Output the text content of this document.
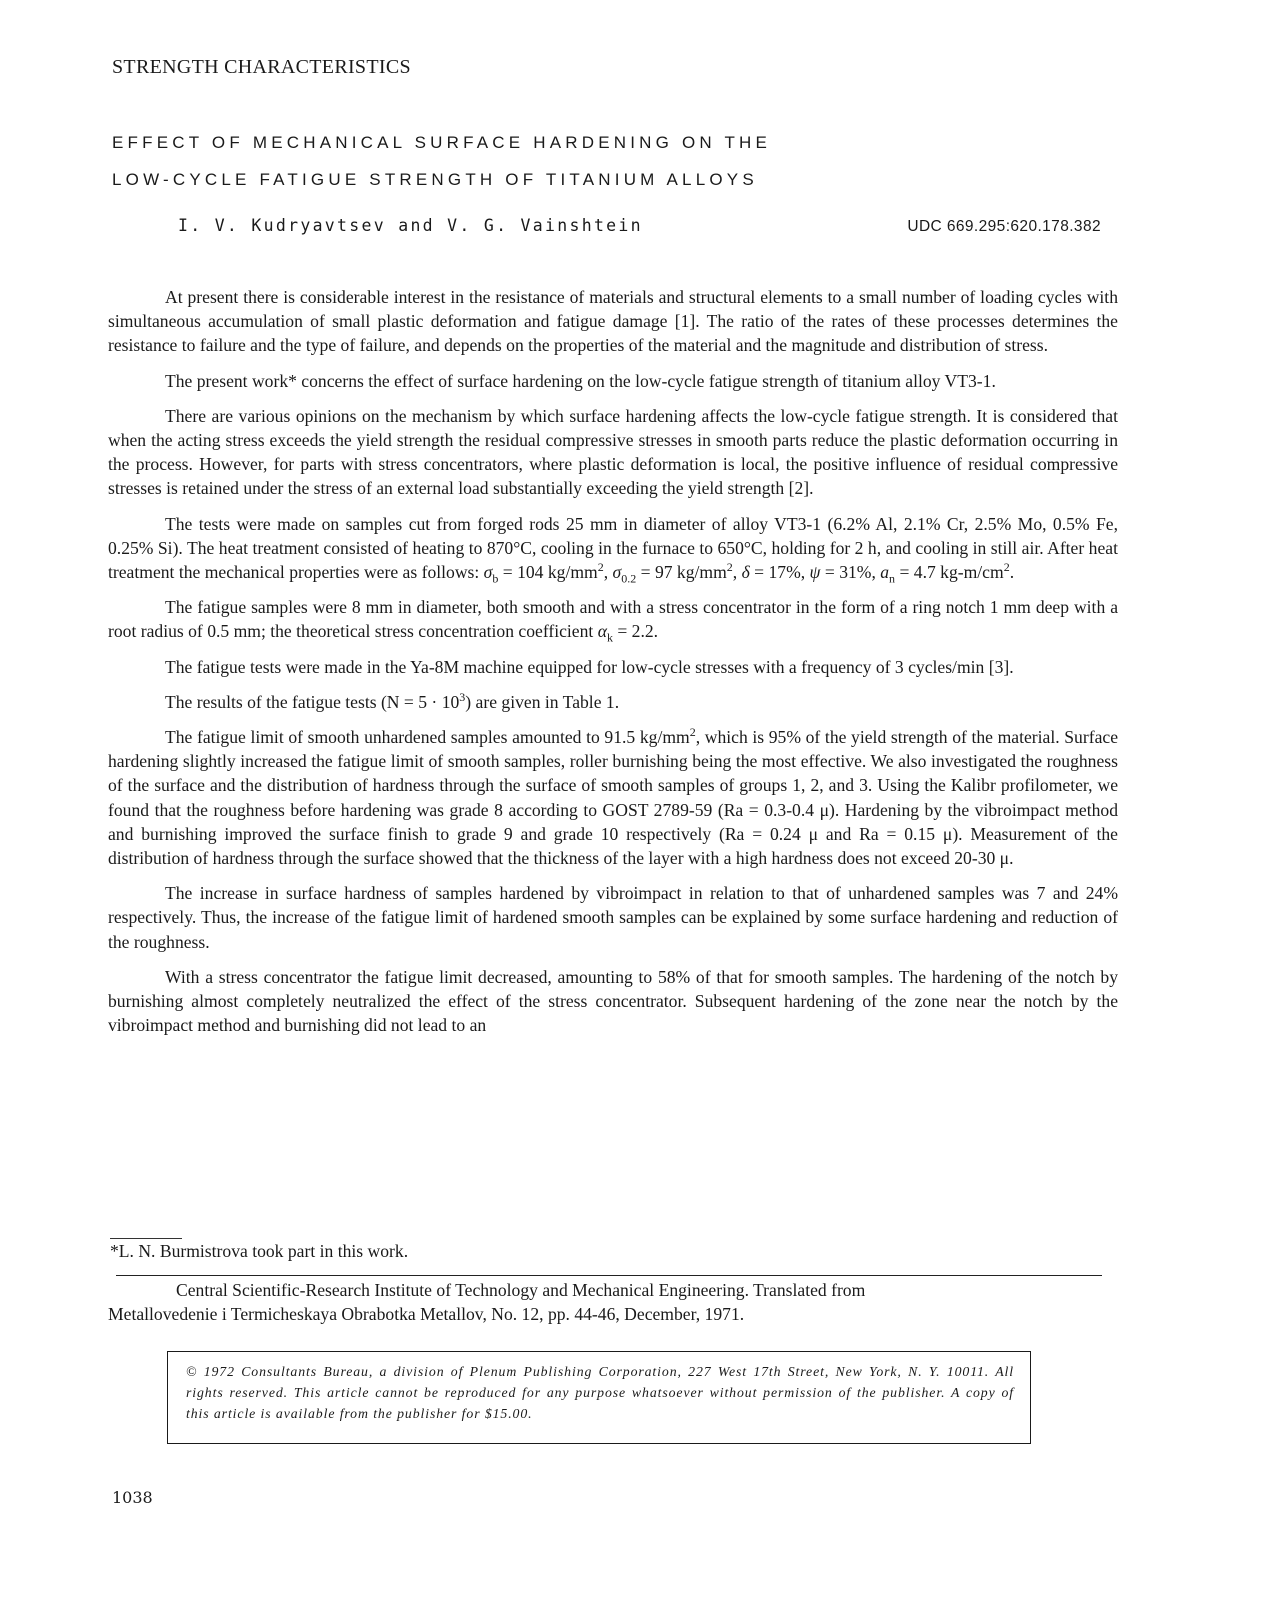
STRENGTH CHARACTERISTICS
EFFECT OF MECHANICAL SURFACE HARDENING ON THE
LOW-CYCLE FATIGUE STRENGTH OF TITANIUM ALLOYS
I. V. Kudryavtsev and V. G. Vainshtein	UDC 669.295:620.178.382

At present there is considerable interest in the resistance of materials and structural elements to a small number of loading cycles with simultaneous accumulation of small plastic deformation and fatigue damage [1]. The ratio of the rates of these processes determines the resistance to failure and the type of failure, and depends on the properties of the material and the magnitude and distribution of stress.

The present work* concerns the effect of surface hardening on the low-cycle fatigue strength of titanium alloy VT3-1.

There are various opinions on the mechanism by which surface hardening affects the low-cycle fatigue strength. It is considered that when the acting stress exceeds the yield strength the residual compressive stresses in smooth parts reduce the plastic deformation occurring in the process. However, for parts with stress concentrators, where plastic deformation is local, the positive influence of residual compressive stresses is retained under the stress of an external load substantially exceeding the yield strength [2].

The tests were made on samples cut from forged rods 25 mm in diameter of alloy VT3-1 (6.2% Al, 2.1% Cr, 2.5% Mo, 0.5% Fe, 0.25% Si). The heat treatment consisted of heating to 870°C, cooling in the furnace to 650°C, holding for 2 h, and cooling in still air. After heat treatment the mechanical properties were as follows: $\sigma_b = 104$ $kg/mm^2$, $\sigma_{0.2} = 97$ $kg/mm^2$, δ = 17%, ψ = 31%, $a_n = 4.7$ $kg-m/cm^2$.

The fatigue samples were 8 mm in diameter, both smooth and with a stress concentrator in the form of a ring notch 1 mm deep with a root radius of 0.5 mm; the theoretical stress concentration coefficient $\alpha_k = 2.2$.

The fatigue tests were made in the Ya-8M machine equipped for low-cycle stresses with a frequency of 3 cycles/min [3].

The results of the fatigue tests $(N = 5 \cdot 10^3)$ are given in Table 1.

The fatigue limit of smooth unhardened samples amounted to 91.5 $kg/mm^2$, which is 95% of the yield strength of the material. Surface hardening slightly increased the fatigue limit of smooth samples, roller burnishing being the most effective. We also investigated the roughness of the surface and the distribution of hardness through the surface of smooth samples of groups 1, 2, and 3. Using the Kalibr profilometer, we found that the roughness before hardening was grade 8 according to GOST 2789-59 (Ra = 0.3-0.4 μ). Hardening by the vibroimpact method and burnishing improved the surface finish to grade 9 and grade 10 respectively (Ra = 0.24 μ and Ra = 0.15 μ). Measurement of the distribution of hardness through the surface showed that the thickness of the layer with a high hardness does not exceed 20-30 μ.

The increase in surface hardness of samples hardened by vibroimpact in relation to that of unhardened samples was 7 and 24% respectively. Thus, the increase of the fatigue limit of hardened smooth samples can be explained by some surface hardening and reduction of the roughness.

With a stress concentrator the fatigue limit decreased, amounting to 58% of that for smooth samples. The hardening of the notch by burnishing almost completely neutralized the effect of the stress concentrator. Subsequent hardening of the zone near the notch by the vibroimpact method and burnishing did not lead to an

*L. N. Burmistrova took part in this work.

Central Scientific-Research Institute of Technology and Mechanical Engineering. Translated from

Metallovedenie i Termicheskaya Obrabotka Metallov, No. 12, pp. 44-46, December, 1971.

© 1972 Consultants Bureau, a division of Plenum Publishing Corporation, 227 West 17th Street, New York, N. Y. 10011. All rights reserved. This article cannot be reproduced for any purpose whatsoever without permission of the publisher. A copy of this article is available from the publisher for $15.00.
1038
